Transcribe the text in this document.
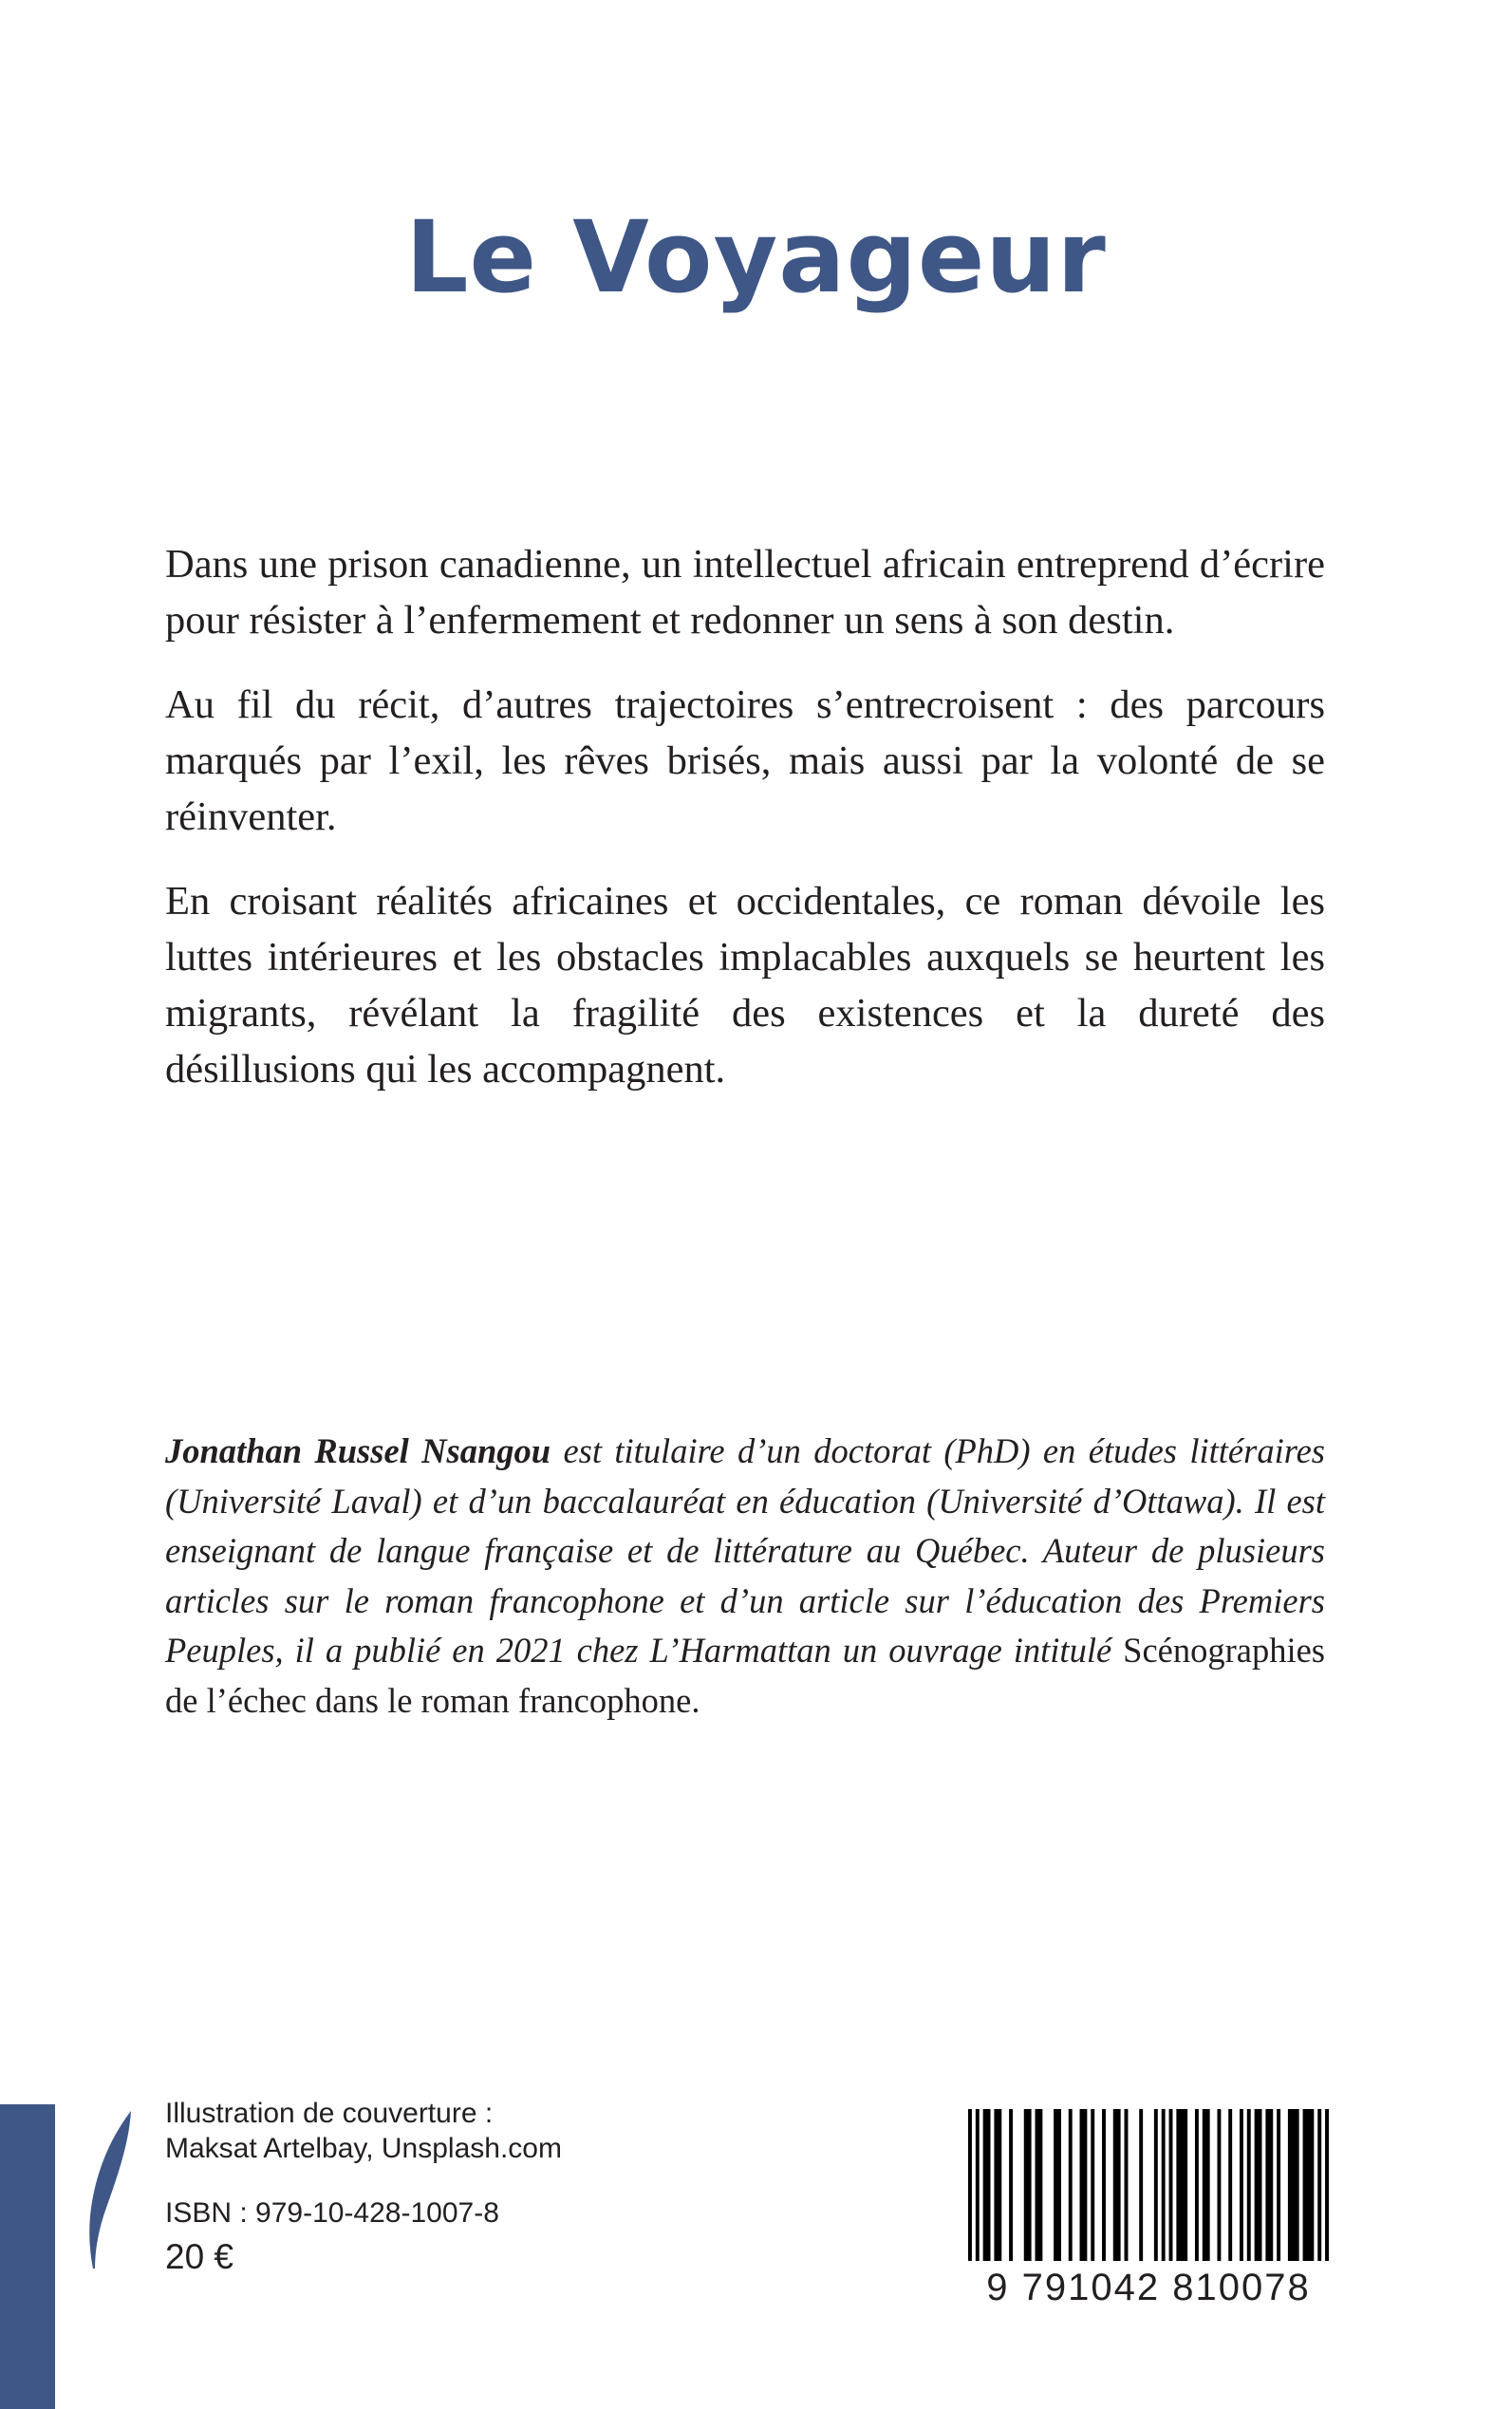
Le Voyageur

Dans une prison canadienne, un intellectuel africain entreprend d’écrire pour résister à l’enfermement et redonner un sens à son destin.

Au fil du récit, d’autres trajectoires s’entrecroisent : des parcours marqués par l’exil, les rêves brisés, mais aussi par la volonté de se réinventer.

En croisant réalités africaines et occidentales, ce roman dévoile les luttes intérieures et les obstacles implacables auxquels se heurtent les migrants, révélant la fragilité des existences et la dureté des désillusions qui les accompagnent.

Jonathan Russel Nsangou est titulaire d’un doctorat (PhD) en études littéraires (Université Laval) et d’un baccalauréat en éducation (Université d’Ottawa). Il est enseignant de langue française et de littérature au Québec. Auteur de plusieurs articles sur le roman francophone et d’un article sur l’éducation des Premiers Peuples, il a publié en 2021 chez L’Harmattan un ouvrage intitulé Scénographies de l’échec dans le roman francophone.

Illustration de couverture :
Maksat Artelbay, Unsplash.com
ISBN : 979-10-428-1007-8
20 €
9 791042 810078
